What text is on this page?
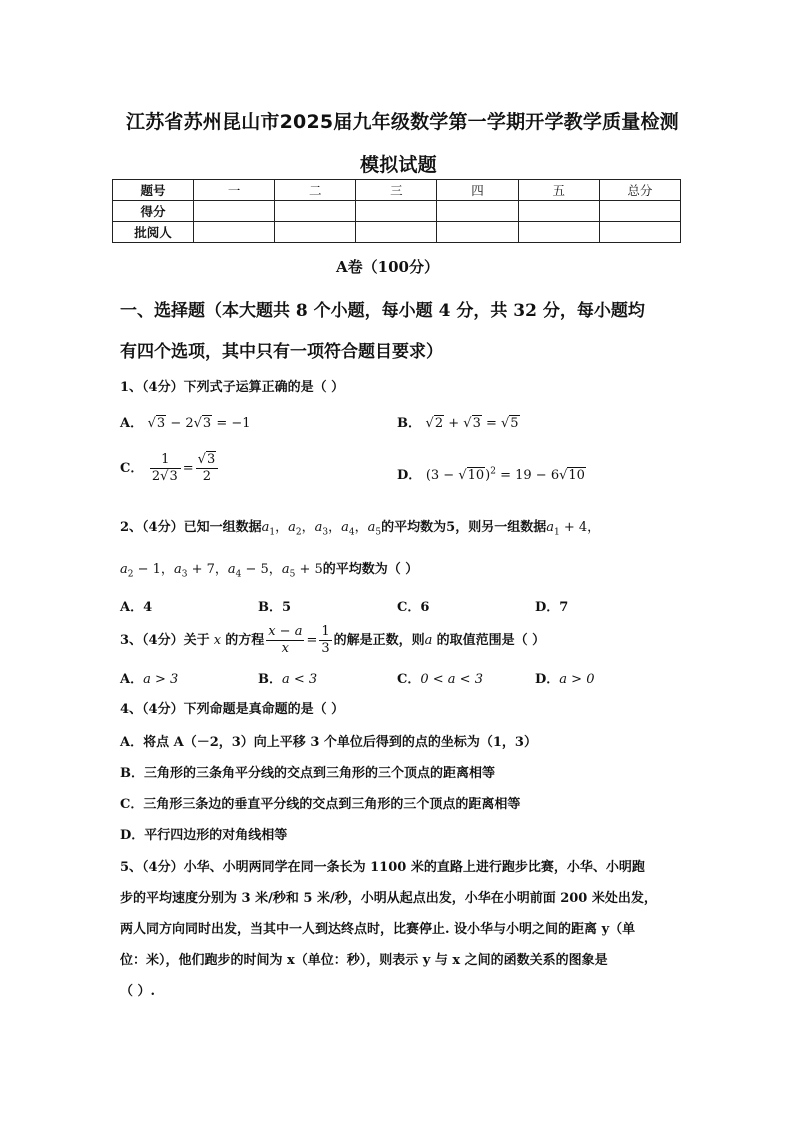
江苏省苏州昆山市2025届九年级数学第一学期开学教学质量检测
模拟试题
题号	一	二	三	四	五	总分
得分						
批阅人						
A卷（100分）
一、选择题（本大题共 8 个小题，每小题 4 分，共 32 分，每小题均
有四个选项，其中只有一项符合题目要求）
1、（4分）下列式子运算正确的是（ ）
A． √3 − 2√3 = −1	B． √2 + √3 = √5
C． $\frac{1}{2√3} = \frac{√3}{2}$	D． $(3 - √10)^2 = 19 - 6√10$
2、（4分）已知一组数据$a_1$，$a_2$，$a_3$，$a_4$，$a_5$的平均数为5，则另一组数据$a_1 + 4$，
$a_2 - 1$，$a_3 + 7$，$a_4 - 5$，$a_5 + 5$的平均数为（ ）
A．4	B．5	C．6	D．7
3、（4分）关于 x 的方程 $\frac{x - a}{x} = \frac{1}{3}$ 的解是正数，则a 的取值范围是（ ）
A．a > 3	B．a < 3	C．0 < a < 3	D．a > 0
4、（4分）下列命题是真命题的是（ ）
A．将点 A（－2，3）向上平移 3 个单位后得到的点的坐标为（1，3）
B．三角形的三条角平分线的交点到三角形的三个顶点的距离相等
C．三角形三条边的垂直平分线的交点到三角形的三个顶点的距离相等
D．平行四边形的对角线相等
5、（4分）小华、小明两同学在同一条长为 1100 米的直路上进行跑步比赛，小华、小明跑
步的平均速度分别为 3 米/秒和 5 米/秒，小明从起点出发，小华在小明前面 200 米处出发，
两人同方向同时出发，当其中一人到达终点时，比赛停止. 设小华与小明之间的距离 y（单
位：米），他们跑步的时间为 x（单位：秒），则表示 y 与 x 之间的函数关系的图象是
（ ）.
